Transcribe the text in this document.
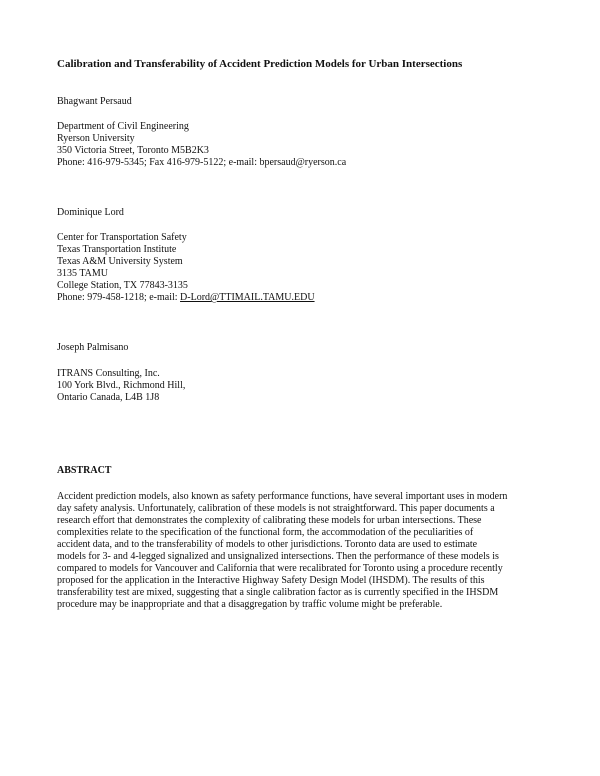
Calibration and Transferability of Accident Prediction Models for Urban Intersections
Bhagwant Persaud
Department of Civil Engineering
Ryerson University
350 Victoria Street, Toronto M5B2K3
Phone: 416-979-5345; Fax 416-979-5122; e-mail: bpersaud@ryerson.ca
Dominique Lord
Center for Transportation Safety
Texas Transportation Institute
Texas A&M University System
3135 TAMU
College Station, TX 77843-3135
Phone: 979-458-1218; e-mail: D-Lord@TTIMAIL.TAMU.EDU
Joseph Palmisano
ITRANS Consulting, Inc.
100 York Blvd., Richmond Hill,
Ontario Canada, L4B 1J8
ABSTRACT
Accident prediction models, also known as safety performance functions, have several important uses in modern
day safety analysis. Unfortunately, calibration of these models is not straightforward. This paper documents a
research effort that demonstrates the complexity of calibrating these models for urban intersections. These
complexities relate to the specification of the functional form, the accommodation of the peculiarities of
accident data, and to the transferability of models to other jurisdictions. Toronto data are used to estimate
models for 3- and 4-legged signalized and unsignalized intersections. Then the performance of these models is
compared to models for Vancouver and California that were recalibrated for Toronto using a procedure recently
proposed for the application in the Interactive Highway Safety Design Model (IHSDM). The results of this
transferability test are mixed, suggesting that a single calibration factor as is currently specified in the IHSDM
procedure may be inappropriate and that a disaggregation by traffic volume might be preferable.
